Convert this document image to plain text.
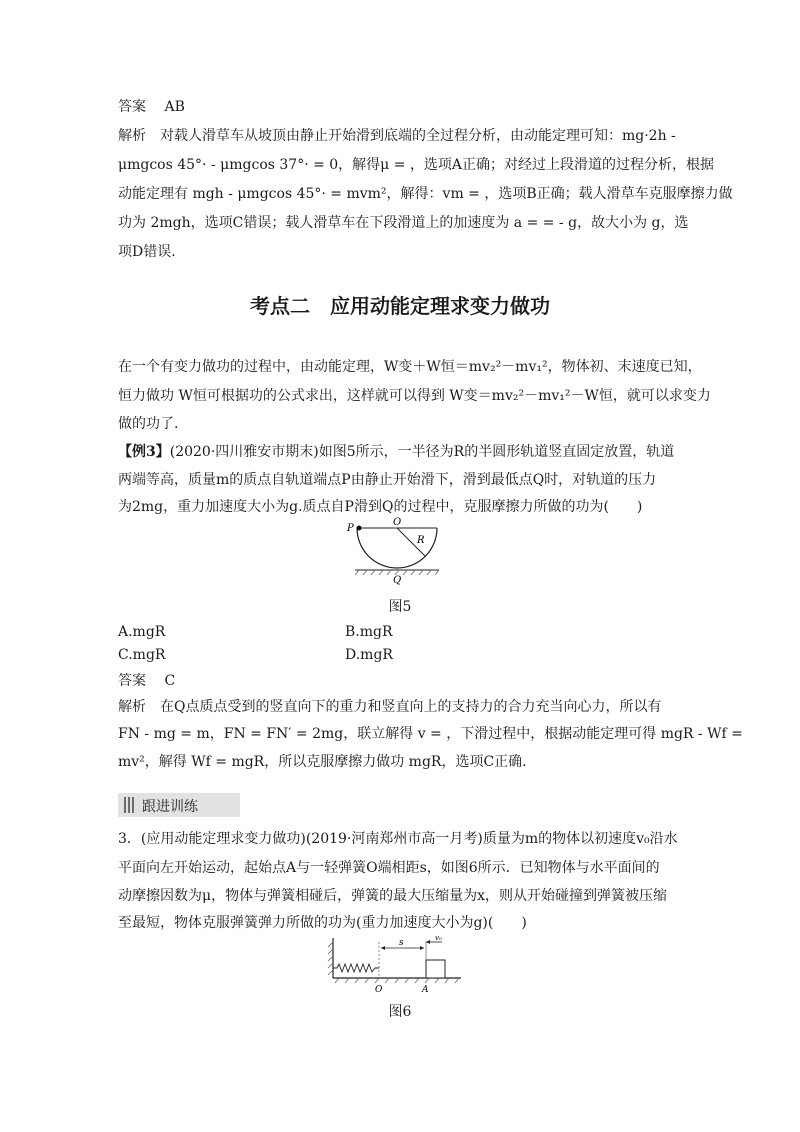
答案 AB
解析　对载人滑草车从坡顶由静止开始滑到底端的全过程分析，由动能定理可知：mg·2h -
μmgcos 45°· - μmgcos 37°· = 0，解得μ = ，选项A正确；对经过上段滑道的过程分析，根据
动能定理有 mgh - μmgcos 45°· = mvm²，解得：vm = ，选项B正确；载人滑草车克服摩擦力做
功为 2mgh，选项C错误；载人滑草车在下段滑道上的加速度为 a = = - g，故大小为 g，选
项D错误.
考点二　应用动能定理求变力做功
在一个有变力做功的过程中，由动能定理，W变＋W恒＝mv₂²－mv₁²，物体初、末速度已知，
恒力做功 W恒可根据功的公式求出，这样就可以得到 W变＝mv₂²－mv₁²－W恒，就可以求变力
做的功了.
【例3】(2020·四川雅安市期末)如图5所示，一半径为R的半圆形轨道竖直固定放置，轨道
两端等高，质量m的质点自轨道端点P由静止开始滑下，滑到最低点Q时，对轨道的压力
为2mg，重力加速度大小为g.质点自P滑到Q的过程中，克服摩擦力所做的功为(　　)
P
O
R
Q
图5
A.mgR	B.mgR
C.mgR	D.mgR
答案 C
解析　在Q点质点受到的竖直向下的重力和竖直向上的支持力的合力充当向心力，所以有
FN - mg = m，FN = FN′ = 2mg，联立解得 v = ，下滑过程中，根据动能定理可得 mgR - Wf =
mv²，解得 Wf = mgR，所以克服摩擦力做功 mgR，选项C正确.
跟进训练
3．(应用动能定理求变力做功)(2019·河南郑州市高一月考)质量为m的物体以初速度v₀沿水
平面向左开始运动，起始点A与一轻弹簧O端相距s，如图6所示．已知物体与水平面间的
动摩擦因数为μ，物体与弹簧相碰后，弹簧的最大压缩量为x，则从开始碰撞到弹簧被压缩
至最短，物体克服弹簧弹力所做的功为(重力加速度大小为g)(　　)
s	v₀
O	A
图6
